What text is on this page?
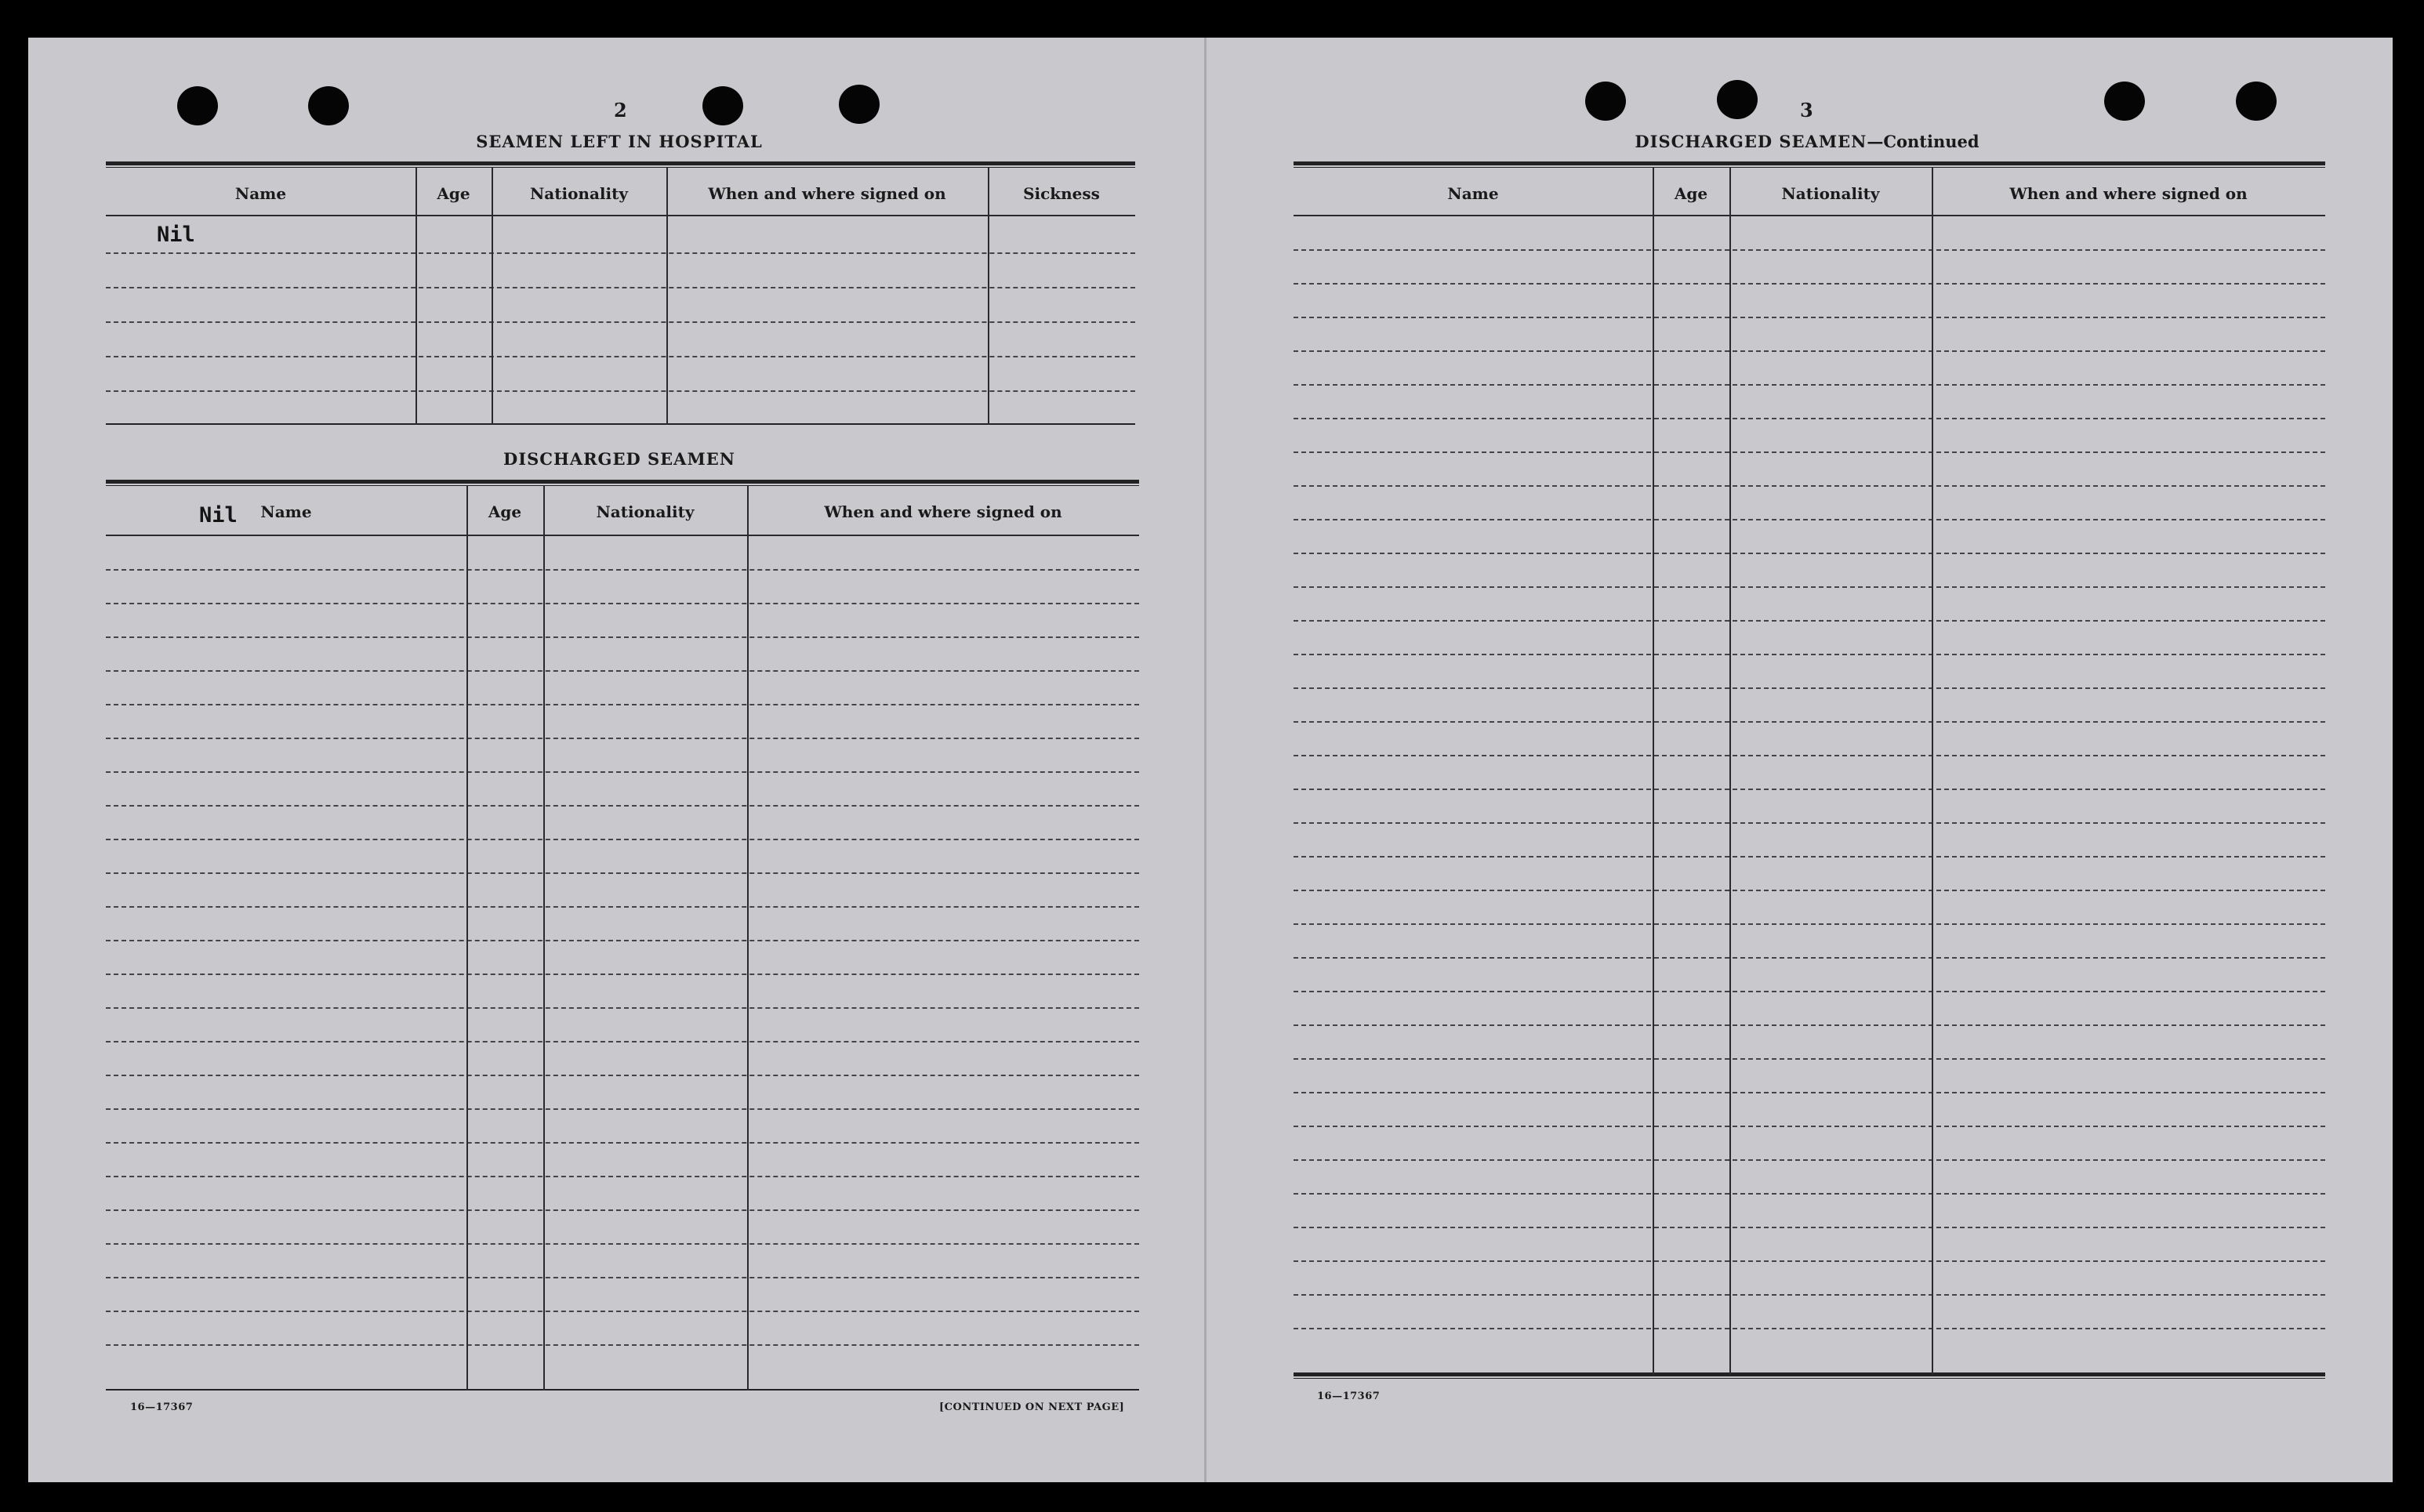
2
SEAMEN LEFT IN HOSPITAL
Name	Age	Nationality	When and where signed on	Sickness
Nil
DISCHARGED SEAMEN
Name	Age	Nationality	When and where signed on
Nil
16—17367	[CONTINUED ON NEXT PAGE]
3
DISCHARGED SEAMEN—Continued
Name	Age	Nationality	When and where signed on
16—17367
